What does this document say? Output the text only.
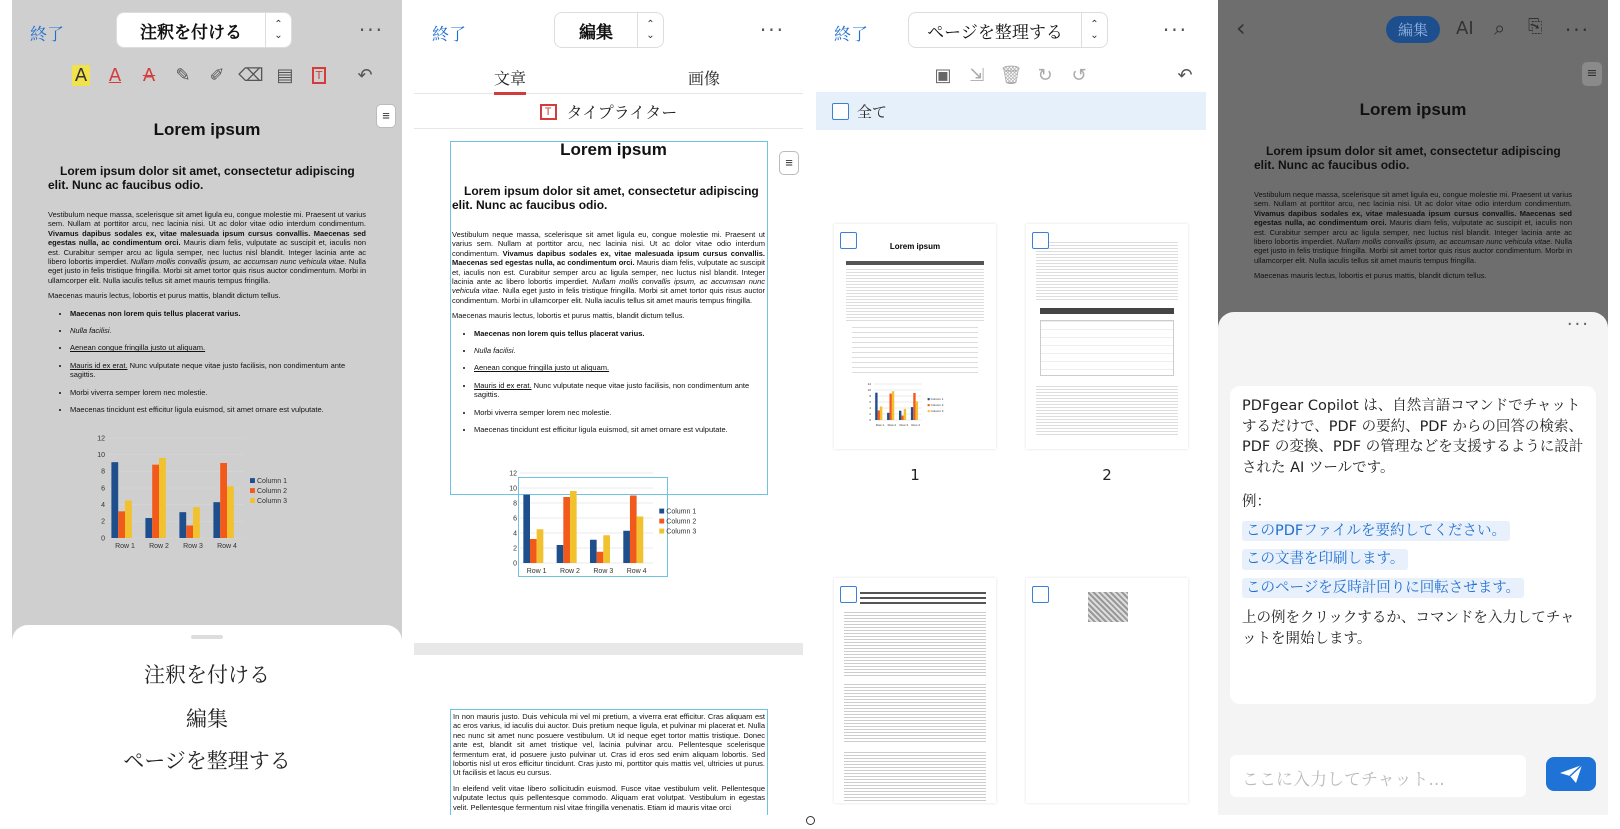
終了	注釈を付ける	⌃
⌄	···
A	A	A	✎	✐ ⌫ ▤	T	↶
≡
Lorem ipsum
Lorem ipsum dolor sit amet, consectetur adipiscing elit. Nunc ac faucibus odio.
Vestibulum neque massa, scelerisque sit amet ligula eu, congue molestie mi. Praesent ut varius sem. Nullam at porttitor arcu, nec lacinia nisi. Ut ac dolor vitae odio interdum condimentum. Vivamus dapibus sodales ex, vitae malesuada ipsum cursus convallis. Maecenas sed egestas nulla, ac condimentum orci. Mauris diam felis, vulputate ac suscipit et, iaculis non est. Curabitur semper arcu ac ligula semper, nec luctus nisl blandit. Integer lacinia ante ac libero lobortis imperdiet. Nullam mollis convallis ipsum, ac accumsan nunc vehicula vitae. Nulla eget justo in felis tristique fringilla. Morbi sit amet tortor quis risus auctor condimentum. Morbi in ullamcorper elit. Nulla iaculis tellus sit amet mauris tempus fringilla.
Maecenas mauris lectus, lobortis et purus mattis, blandit dictum tellus.
• Maecenas non lorem quis tellus placerat varius.
• Nulla facilisi.
• Aenean congue fringilla justo ut aliquam.
• Mauris id ex erat. Nunc vulputate neque vitae justo facilisis, non condimentum ante sagittis.
• Morbi viverra semper lorem nec molestie.
• Maecenas tincidunt est efficitur ligula euismod, sit amet ornare est vulputate.
0
2
4
6
8
10
12
Row 1 Row 2 Row 3 Row 4
Column 1
Column 2
Column 3
注釈を付ける
編集
ページを整理する
終了	編集	⌃
⌄	···
文章	画像
T タイプライター
≡
Lorem ipsum
Lorem ipsum dolor sit amet, consectetur adipiscing elit. Nunc ac faucibus odio.
Vestibulum neque massa, scelerisque sit amet ligula eu, congue molestie mi. Praesent ut varius sem. Nullam at porttitor arcu, nec lacinia nisi. Ut ac dolor vitae odio interdum condimentum. Vivamus dapibus sodales ex, vitae malesuada ipsum cursus convallis. Maecenas sed egestas nulla, ac condimentum orci. Mauris diam felis, vulputate ac suscipit et, iaculis non est. Curabitur semper arcu ac ligula semper, nec luctus nisl blandit. Integer lacinia ante ac libero lobortis imperdiet. Nullam mollis convallis ipsum, ac accumsan nunc vehicula vitae. Nulla eget justo in felis tristique fringilla. Morbi sit amet tortor quis risus auctor condimentum. Morbi in ullamcorper elit. Nulla iaculis tellus sit amet mauris tempus fringilla.
Maecenas mauris lectus, lobortis et purus mattis, blandit dictum tellus.
• Maecenas non lorem quis tellus placerat varius.
• Nulla facilisi.
• Aenean congue fringilla justo ut aliquam.
• Mauris id ex erat. Nunc vulputate neque vitae justo facilisis, non condimentum ante sagittis.
• Morbi viverra semper lorem nec molestie.
• Maecenas tincidunt est efficitur ligula euismod, sit amet ornare est vulputate.
0
2
4
6
8
10
12
Row 1 Row 2 Row 3 Row 4
Column 1
Column 2
Column 3
In non mauris justo. Duis vehicula mi vel mi pretium, a viverra erat efficitur. Cras aliquam est ac eros varius, id iaculis dui auctor. Duis pretium neque ligula, et pulvinar mi placerat et. Nulla nec nunc sit amet nunc posuere vestibulum. Ut id neque eget tortor mattis tristique. Donec ante est, blandit sit amet tristique vel, lacinia pulvinar arcu. Pellentesque scelerisque fermentum erat, id posuere justo pulvinar ut. Cras id eros sed enim aliquam lobortis. Sed lobortis nisl ut eros efficitur tincidunt. Cras justo mi, porttitor quis mattis vel, ultricies ut purus. Ut facilisis et lacus eu cursus.
In eleifend velit vitae libero sollicitudin euismod. Fusce vitae vestibulum velit. Pellentesque vulputate lectus quis pellentesque commodo. Aliquam erat volutpat. Vestibulum in egestas velit. Pellentesque fermentum nisl vitae fringilla venenatis. Etiam id mauris vitae orci
終了	ページを整理する	⌃
⌄	···
▣ ⇲ 🗑 ↻	↺	↶
全て
Lorem ipsum
0
2
4
6
8
10
12
Row 1 Row 2 Row 3 Row 4
Column 1
Column 2
Column 3
1	2
‹	編集	AI ⌕ ⎘ ···
≡
Lorem ipsum
Lorem ipsum dolor sit amet, consectetur adipiscing elit. Nunc ac faucibus odio.
Vestibulum neque massa, scelerisque sit amet ligula eu, congue molestie mi. Praesent ut varius sem. Nullam at porttitor arcu, nec lacinia nisi. Ut ac dolor vitae odio interdum condimentum. Vivamus dapibus sodales ex, vitae malesuada ipsum cursus convallis. Maecenas sed egestas nulla, ac condimentum orci. Mauris diam felis, vulputate ac suscipit et, iaculis non est. Curabitur semper arcu ac ligula semper, nec luctus nisl blandit. Integer lacinia ante ac libero lobortis imperdiet. Nullam mollis convallis ipsum, ac accumsan nunc vehicula vitae. Nulla eget justo in felis tristique fringilla. Morbi sit amet tortor quis risus auctor condimentum. Morbi in ullamcorper elit. Nulla iaculis tellus sit amet mauris tempus fringilla.
Maecenas mauris lectus, lobortis et purus mattis, blandit dictum tellus.
···
PDFgear Copilot は、自然言語コマンドでチャットするだけで、PDF の要約、PDF からの回答の検索、PDF の変換、PDF の管理などを支援するように設計された AI ツールです。
例：
このPDFファイルを要約してください。
この文書を印刷します。
このページを反時計回りに回転させます。
上の例をクリックするか、コマンドを入力してチャットを開始します。
ここに入力してチャット...
